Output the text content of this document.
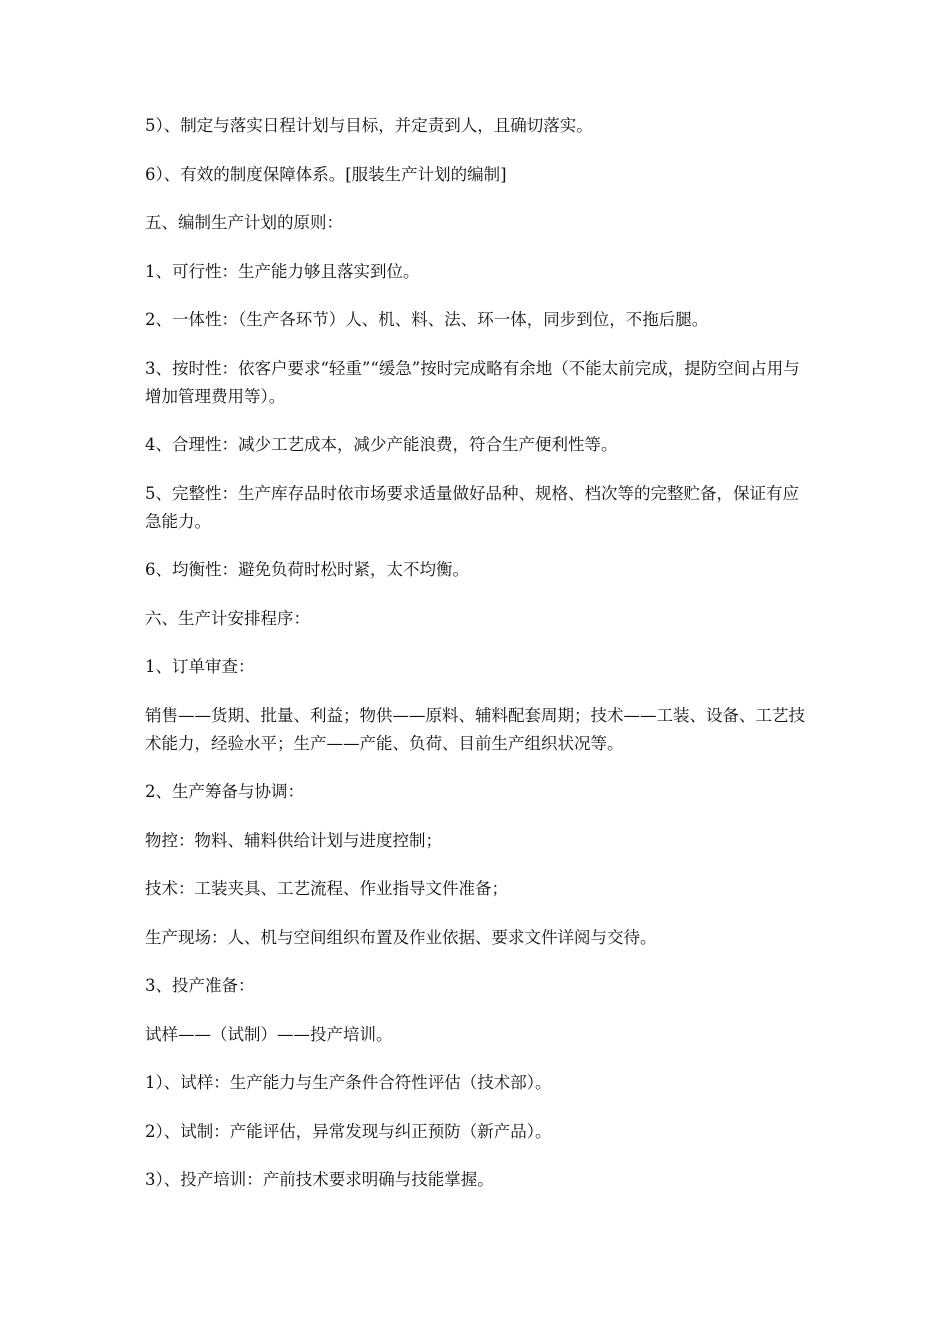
5）、制定与落实日程计划与目标，并定责到人，且确切落实。

6）、有效的制度保障体系。[服装生产计划的编制]

五、编制生产计划的原则：

1、可行性：生产能力够且落实到位。

2、一体性：（生产各环节）人、机、料、法、环一体，同步到位，不拖后腿。

3、按时性：依客户要求“轻重”“缓急”按时完成略有余地（不能太前完成，提防空间占用与增加管理费用等）。

4、合理性：减少工艺成本，减少产能浪费，符合生产便利性等。

5、完整性：生产库存品时依市场要求适量做好品种、规格、档次等的完整贮备，保证有应急能力。

6、均衡性：避免负荷时松时紧，太不均衡。

六、生产计安排程序：

1、订单审查：

销售——货期、批量、利益；物供——原料、辅料配套周期；技术——工装、设备、工艺技术能力，经验水平；生产——产能、负荷、目前生产组织状况等。

2、生产筹备与协调：

物控：物料、辅料供给计划与进度控制；

技术：工装夹具、工艺流程、作业指导文件准备；

生产现场：人、机与空间组织布置及作业依据、要求文件详阅与交待。

3、投产准备：

试样——（试制）——投产培训。

1）、试样：生产能力与生产条件合符性评估（技术部）。

2）、试制：产能评估，异常发现与纠正预防（新产品）。

3）、投产培训：产前技术要求明确与技能掌握。
